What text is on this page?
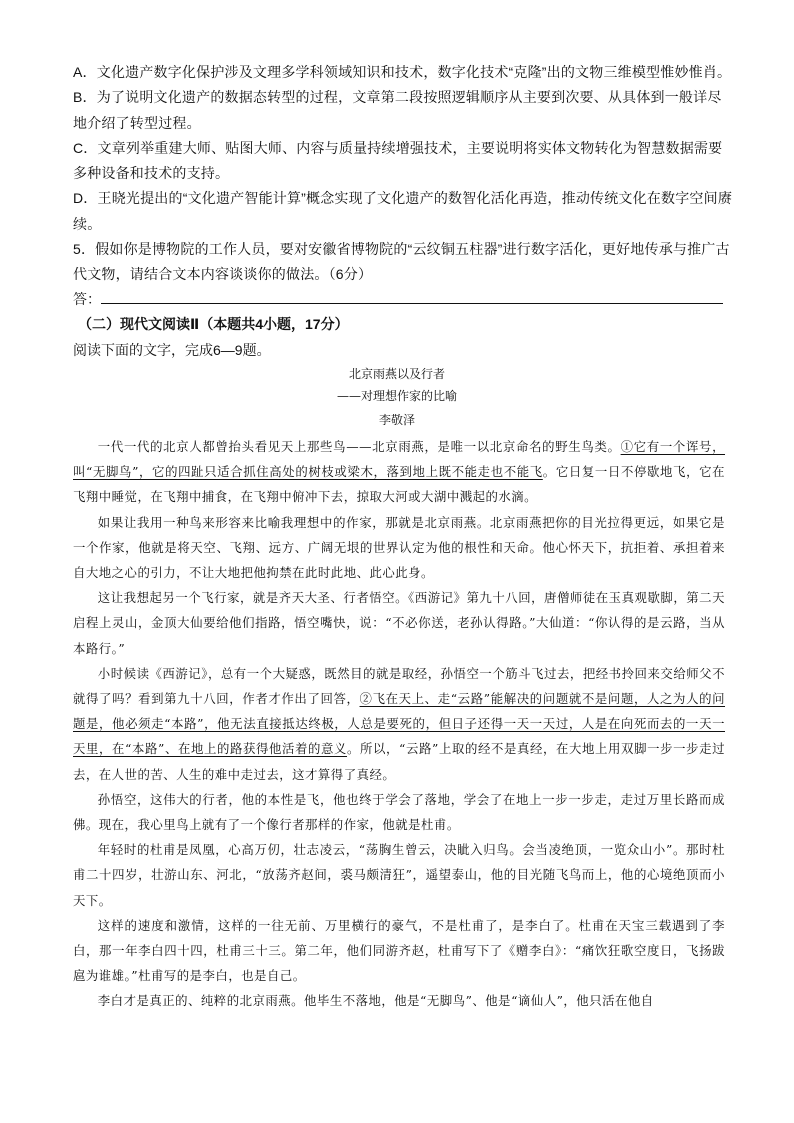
A．文化遗产数字化保护涉及文理多学科领域知识和技术，数字化技术“克隆”出的文物三维模型惟妙惟肖。

B．为了说明文化遗产的数据态转型的过程，文章第二段按照逻辑顺序从主要到次要、从具体到一般详尽地介绍了转型过程。

C．文章列举重建大师、贴图大师、内容与质量持续增强技术，主要说明将实体文物转化为智慧数据需要多种设备和技术的支持。

D．王晓光提出的“文化遗产智能计算”概念实现了文化遗产的数智化活化再造，推动传统文化在数字空间赓续。

5．假如你是博物院的工作人员，要对安徽省博物院的“云纹铜五柱器”进行数字活化，更好地传承与推广古代文物，请结合文本内容谈谈你的做法。（6分）

答：
（二）现代文阅读Ⅱ（本题共4小题，17分）
阅读下面的文字，完成6—9题。
北京雨燕以及行者
——对理想作家的比喻
李敬泽

一代一代的北京人都曾抬头看见天上那些鸟——北京雨燕，是唯一以北京命名的野生鸟类。①它有一个诨号，叫“无脚鸟”，它的四趾只适合抓住高处的树枝或梁木，落到地上既不能走也不能飞。它日复一日不停歇地飞，它在飞翔中睡觉，在飞翔中捕食，在飞翔中俯冲下去，掠取大河或大湖中溅起的水滴。

如果让我用一种鸟来形容来比喻我理想中的作家，那就是北京雨燕。北京雨燕把你的目光拉得更远，如果它是一个作家，他就是将天空、飞翔、远方、广阔无垠的世界认定为他的根性和天命。他心怀天下，抗拒着、承担着来自大地之心的引力，不让大地把他拘禁在此时此地、此心此身。

这让我想起另一个飞行家，就是齐天大圣、行者悟空。《西游记》第九十八回，唐僧师徒在玉真观歇脚，第二天启程上灵山，金顶大仙要给他们指路，悟空嘴快，说：“不必你送，老孙认得路。”大仙道：“你认得的是云路，当从本路行。”

小时候读《西游记》，总有一个大疑惑，既然目的就是取经，孙悟空一个筋斗飞过去，把经书拎回来交给师父不就得了吗？看到第九十八回，作者才作出了回答，②飞在天上、走“云路”能解决的问题就不是问题，人之为人的问题是，他必须走“本路”，他无法直接抵达终极，人总是要死的，但日子还得一天一天过，人是在向死而去的一天一天里，在“本路”、在地上的路获得他活着的意义。所以，“云路”上取的经不是真经，在大地上用双脚一步一步走过去，在人世的苦、人生的难中走过去，这才算得了真经。

孙悟空，这伟大的行者，他的本性是飞，他也终于学会了落地，学会了在地上一步一步走，走过万里长路而成佛。现在，我心里鸟上就有了一个像行者那样的作家，他就是杜甫。

年轻时的杜甫是凤凰，心高万仞，壮志凌云，“荡胸生曾云，决眦入归鸟。会当凌绝顶，一览众山小”。那时杜甫二十四岁，壮游山东、河北，“放荡齐赵间，裘马颇清狂”，遥望泰山，他的目光随飞鸟而上，他的心境绝顶而小天下。

这样的速度和激情，这样的一往无前、万里横行的豪气，不是杜甫了，是李白了。杜甫在天宝三载遇到了李白，那一年李白四十四，杜甫三十三。第二年，他们同游齐赵，杜甫写下了《赠李白》：“痛饮狂歌空度日，飞扬跋扈为谁雄。”杜甫写的是李白，也是自己。

李白才是真正的、纯粹的北京雨燕。他毕生不落地，他是“无脚鸟”、他是“谪仙人”，他只活在他自
